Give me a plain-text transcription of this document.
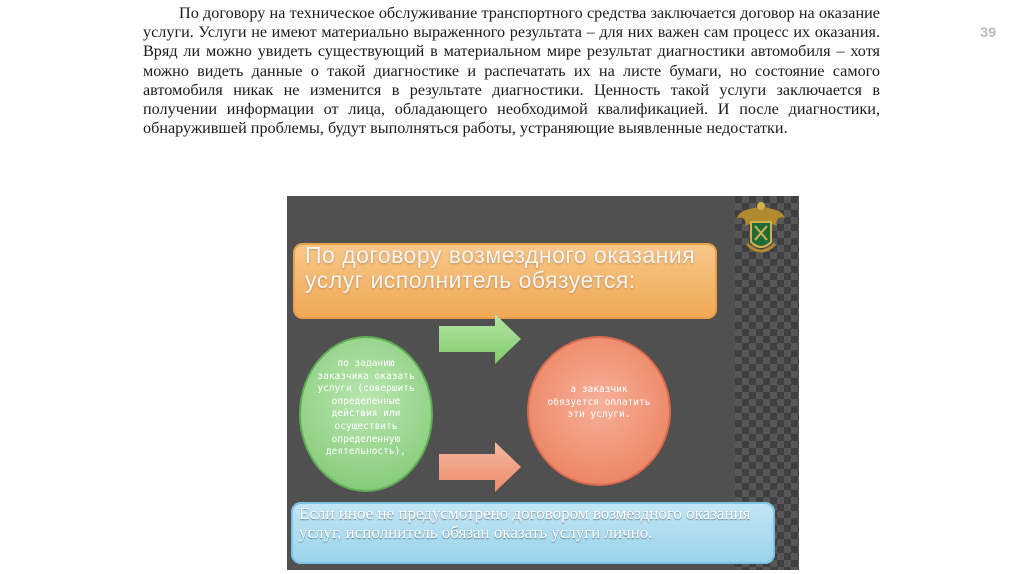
39
По договору на техническое обслуживание транспортного средства заключается договор на оказание услуги. Услуги не имеют материально выраженного результата – для них важен сам процесс их оказания. Вряд ли можно увидеть существующий в материальном мире результат диагностики автомобиля – хотя можно видеть данные о такой диагностике и распечатать их на листе бумаги, но состояние самого автомобиля никак не изменится в результате диагностики. Ценность такой услуги заключается в получении информации от лица, обладающего необходимой квалификацией. И после диагностики, обнаружившей проблемы, будут выполняться работы, устраняющие выявленные недостатки.
По договору возмездного оказания услуг исполнитель обязуется:
по заданию заказчика оказать услуги (совершить определенные действия или осуществить определенную деятельность),
а заказчик обязуется оплатить эти услуги.
Если иное не предусмотрено договором возмездного оказания услуг, исполнитель обязан оказать услуги лично.
